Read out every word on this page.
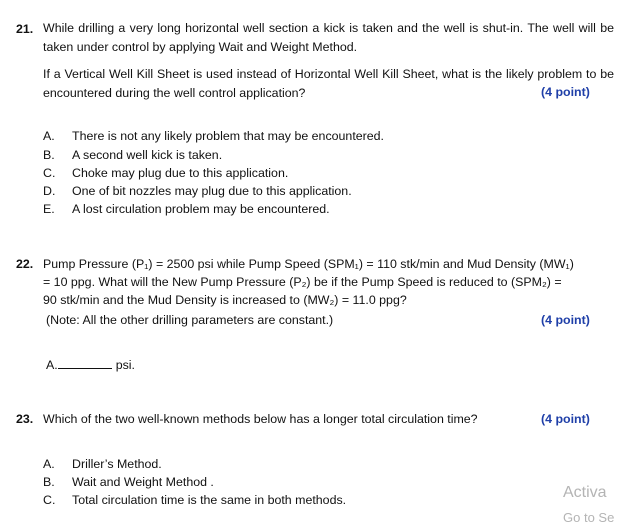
21. While drilling a very long horizontal well section a kick is taken and the well is shut-in. The well will be taken under control by applying Wait and Weight Method.
If a Vertical Well Kill Sheet is used instead of Horizontal Well Kill Sheet, what is the likely problem to be encountered during the well control application?	(4 point)
A. There is not any likely problem that may be encountered.
B. A second well kick is taken.
C. Choke may plug due to this application.
D. One of bit nozzles may plug due to this application.
E. A lost circulation problem may be encountered.
22. Pump Pressure (P₁) = 2500 psi while Pump Speed (SPM₁) = 110 stk/min and Mud Density (MW₁)
= 10 ppg. What will the New Pump Pressure (P₂) be if the Pump Speed is reduced to (SPM₂) =
90 stk/min and the Mud Density is increased to (MW₂) = 11.0 ppg?
(Note: All the other drilling parameters are constant.)	(4 point)
A.	psi.
23. Which of the two well-known methods below has a longer total circulation time?	(4 point)
A. Driller’s Method.
B. Wait and Weight Method .
C. Total circulation time is the same in both methods.	Activa
Go to Se
